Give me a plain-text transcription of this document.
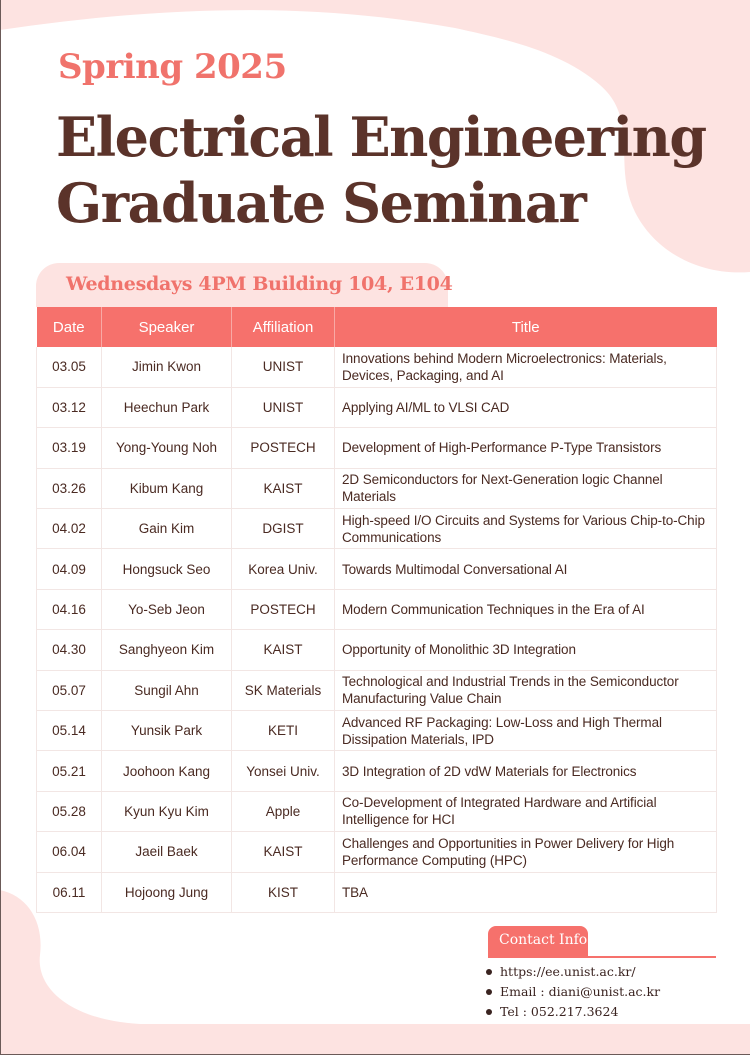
Spring 2025
Electrical Engineering
Graduate Seminar
Wednesdays 4PM Building 104, E104
Date	Speaker	Affiliation	Title
03.05	Jimin Kwon	UNIST	Innovations behind Modern Microelectronics: Materials, Devices, Packaging, and AI
03.12	Heechun Park	UNIST	Applying AI/ML to VLSI CAD
03.19	Yong-Young Noh	POSTECH	Development of High-Performance P-Type Transistors
03.26	Kibum Kang	KAIST	2D Semiconductors for Next-Generation logic Channel Materials
04.02	Gain Kim	DGIST	High-speed I/O Circuits and Systems for Various Chip-to-Chip Communications
04.09	Hongsuck Seo	Korea Univ.	Towards Multimodal Conversational AI
04.16	Yo-Seb Jeon	POSTECH	Modern Communication Techniques in the Era of AI
04.30	Sanghyeon Kim	KAIST	Opportunity of Monolithic 3D Integration
05.07	Sungil Ahn	SK Materials	Technological and Industrial Trends in the Semiconductor Manufacturing Value Chain
05.14	Yunsik Park	KETI	Advanced RF Packaging: Low-Loss and High Thermal Dissipation Materials, IPD
05.21	Joohoon Kang	Yonsei Univ.	3D Integration of 2D vdW Materials for Electronics
05.28	Kyun Kyu Kim	Apple	Co-Development of Integrated Hardware and Artificial Intelligence for HCI
06.04	Jaeil Baek	KAIST	Challenges and Opportunities in Power Delivery for High Performance Computing (HPC)
06.11	Hojoong Jung	KIST	TBA
Contact Info.
https://ee.unist.ac.kr/
Email : diani@unist.ac.kr
Tel : 052.217.3624
